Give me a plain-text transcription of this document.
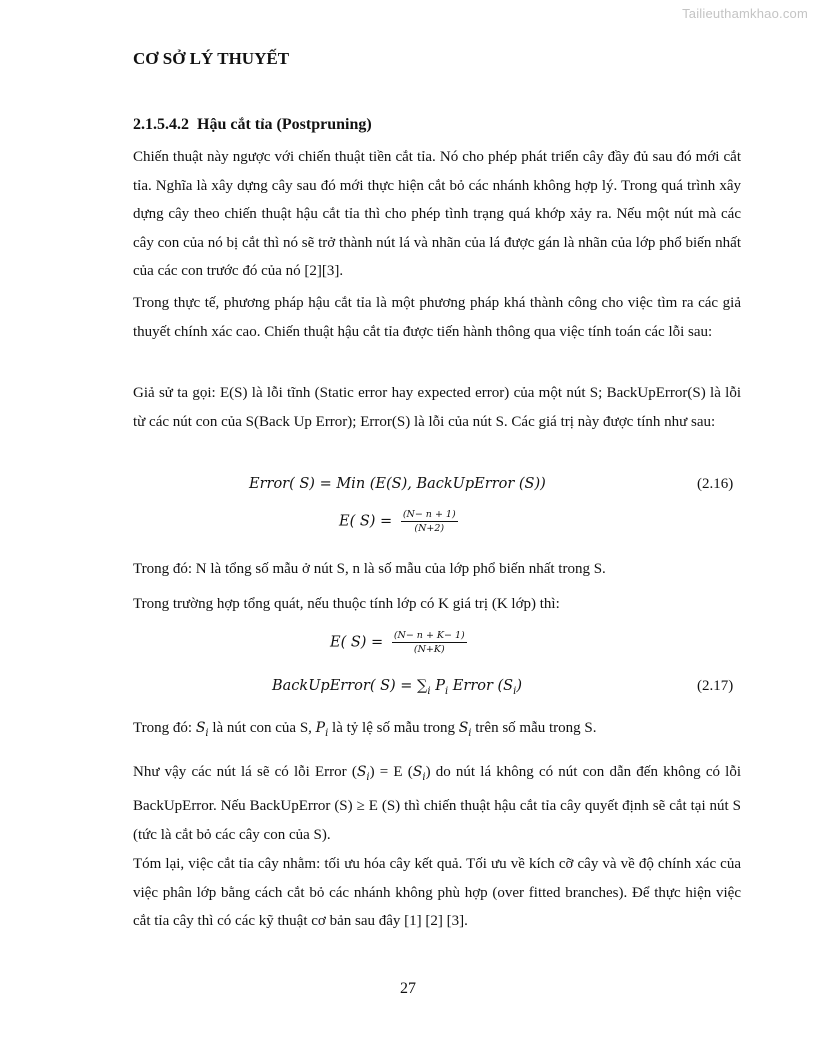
Tailieuthamkhao.com
CƠ SỞ LÝ THUYẾT
2.1.5.4.2 Hậu cắt tỉa (Postpruning)

Chiến thuật này ngược với chiến thuật tiền cắt tỉa. Nó cho phép phát triển cây đầy đủ sau đó mới cắt tỉa. Nghĩa là xây dựng cây sau đó mới thực hiện cắt bỏ các nhánh không hợp lý. Trong quá trình xây dựng cây theo chiến thuật hậu cắt tỉa thì cho phép tình trạng quá khớp xảy ra. Nếu một nút mà các cây con của nó bị cắt thì nó sẽ trở thành nút lá và nhãn của lá được gán là nhãn của lớp phổ biến nhất của các con trước đó của nó [2][3].

Trong thực tế, phương pháp hậu cắt tỉa là một phương pháp khá thành công cho việc tìm ra các giả thuyết chính xác cao. Chiến thuật hậu cắt tỉa được tiến hành thông qua việc tính toán các lỗi sau:

Giả sử ta gọi: E(S) là lỗi tĩnh (Static error hay expected error) của một nút S; BackUpError(S) là lỗi từ các nút con của S(Back Up Error); Error(S) là lỗi của nút S. Các giá trị này được tính như sau:

Error( S) = Min (E(S), BackUpError (S))	(2.16)
E( $S) = \frac{(N- n + 1)}{(N+2)}$

Trong đó: N là tổng số mẫu ở nút S, n là số mẫu của lớp phổ biến nhất trong S.

Trong trường hợp tổng quát, nếu thuộc tính lớp có K giá trị (K lớp) thì:

E( $S) = \frac{(N- n + K- 1)}{(N+K)}$
BackUpError( $S) = \sum_i$ $P_i$ Error $(S_i)$	(2.17)

Trong đó: $S_i$ là nút con của S, $P_i$ là tỷ lệ số mẫu trong $S_i$ trên số mẫu trong S.

Như vậy các nút lá sẽ có lỗi Error $(S_i) = E$ $(S_i)$ do nút lá không có nút con dẫn đến không có lỗi BackUpError. Nếu BackUpError (S) ≥ E (S) thì chiến thuật hậu cắt tỉa cây quyết định sẽ cắt tại nút S (tức là cắt bỏ các cây con của S).

Tóm lại, việc cắt tỉa cây nhằm: tối ưu hóa cây kết quả. Tối ưu về kích cỡ cây và về độ chính xác của việc phân lớp bằng cách cắt bỏ các nhánh không phù hợp (over fitted branches). Để thực hiện việc cắt tỉa cây thì có các kỹ thuật cơ bản sau đây [1] [2] [3].

27
